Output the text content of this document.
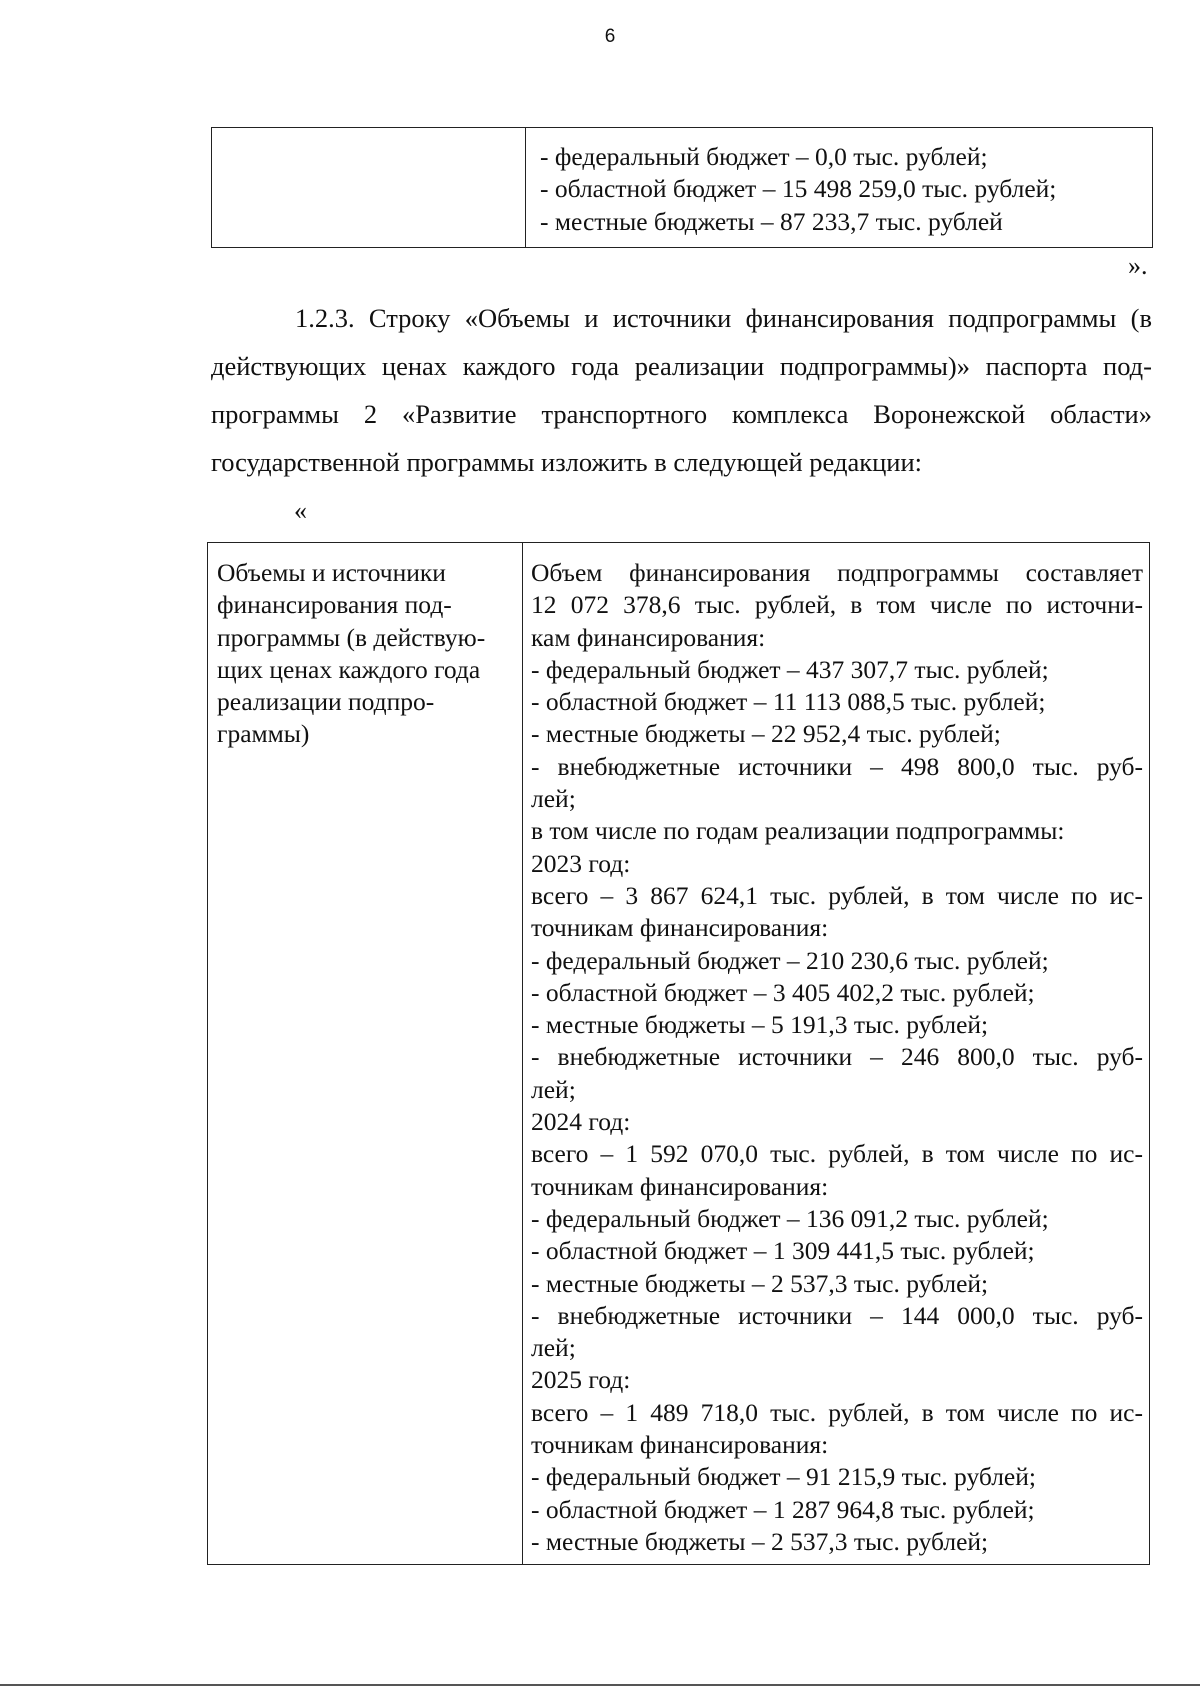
6

- федеральный бюджет – 0,0 тыс. рублей;
- областной бюджет – 15 498 259,0 тыс. рублей;
- местные бюджеты – 87 233,7 тыс. рублей
».
1.2.3. Строку «Объемы и источники финансирования подпрограммы (в
действующих ценах каждого года реализации подпрограммы)» паспорта под-
программы 2 «Развитие транспортного комплекса Воронежской области»
государственной программы изложить в следующей редакции:
«
Объемы и источники
финансирования под-
программы (в действую-
щих ценах каждого года
реализации подпро-
граммы)

Объем финансирования подпрограммы составляет
12 072 378,6 тыс. рублей, в том числе по источни-
кам финансирования:
- федеральный бюджет – 437 307,7 тыс. рублей;
- областной бюджет – 11 113 088,5 тыс. рублей;
- местные бюджеты – 22 952,4 тыс. рублей;
- внебюджетные источники – 498 800,0 тыс. руб-
лей;
в том числе по годам реализации подпрограммы:
2023 год:
всего – 3 867 624,1 тыс. рублей, в том числе по ис-
точникам финансирования:
- федеральный бюджет – 210 230,6 тыс. рублей;
- областной бюджет – 3 405 402,2 тыс. рублей;
- местные бюджеты – 5 191,3 тыс. рублей;
- внебюджетные источники – 246 800,0 тыс. руб-
лей;
2024 год:
всего – 1 592 070,0 тыс. рублей, в том числе по ис-
точникам финансирования:
- федеральный бюджет – 136 091,2 тыс. рублей;
- областной бюджет – 1 309 441,5 тыс. рублей;
- местные бюджеты – 2 537,3 тыс. рублей;
- внебюджетные источники – 144 000,0 тыс. руб-
лей;
2025 год:
всего – 1 489 718,0 тыс. рублей, в том числе по ис-
точникам финансирования:
- федеральный бюджет – 91 215,9 тыс. рублей;
- областной бюджет – 1 287 964,8 тыс. рублей;
- местные бюджеты – 2 537,3 тыс. рублей;
